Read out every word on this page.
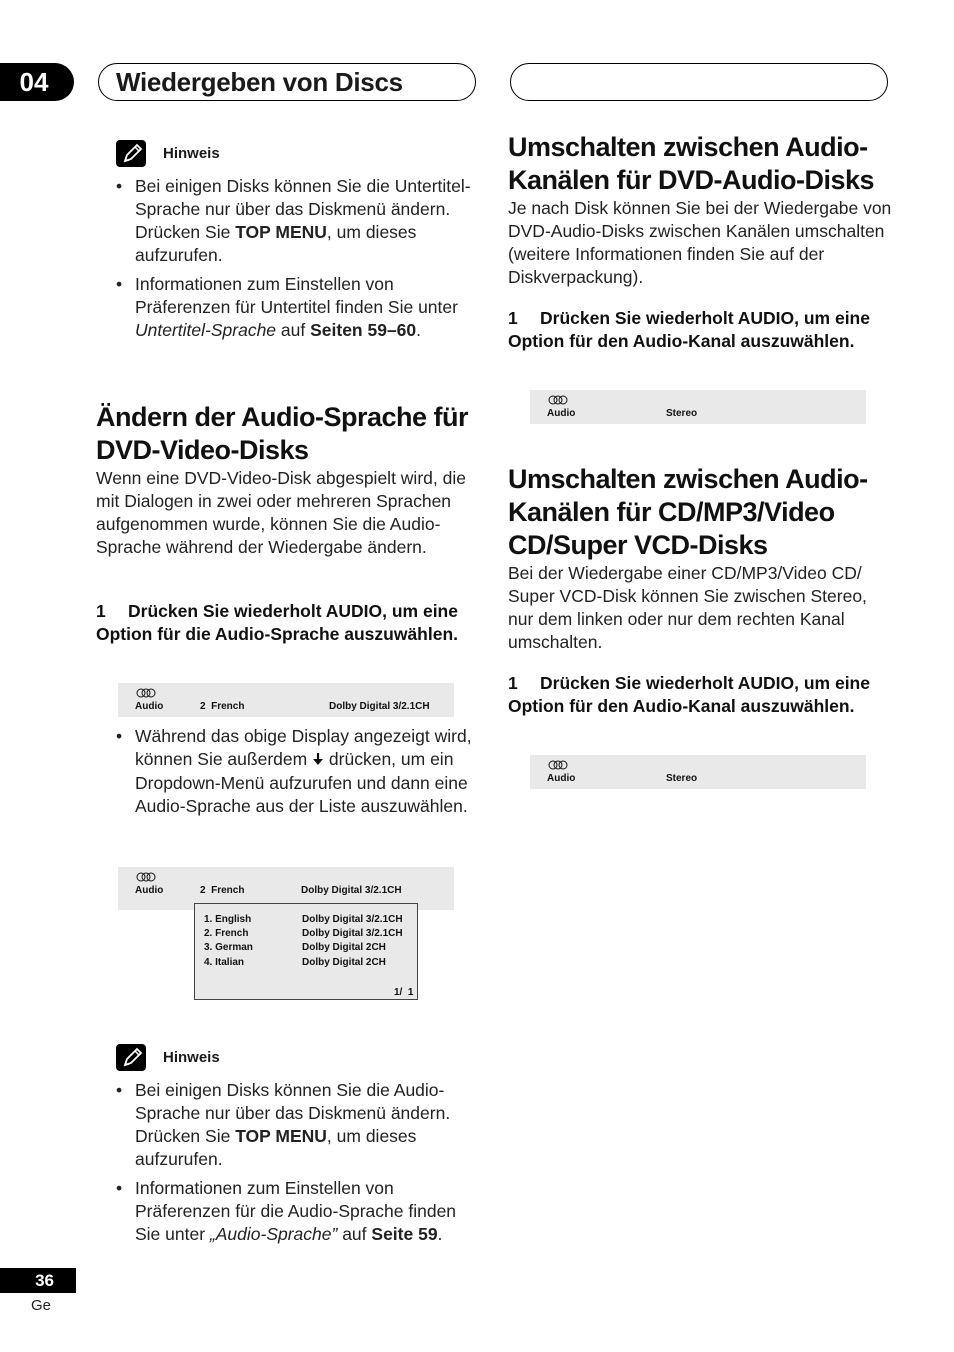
04	Wiedergeben von Discs
Hinweis
• Bei einigen Disks können Sie die Untertitel-Sprache nur über das Diskmenü ändern. Drücken Sie TOP MENU, um dieses aufzurufen.
• Informationen zum Einstellen von Präferenzen für Untertitel finden Sie unter Untertitel-Sprache auf Seiten 59–60.
Ändern der Audio-Sprache für DVD-Video-Disks
Wenn eine DVD-Video-Disk abgespielt wird, die mit Dialogen in zwei oder mehreren Sprachen aufgenommen wurde, können Sie die Audio-Sprache während der Wiedergabe ändern.
1 Drücken Sie wiederholt AUDIO, um eine Option für die Audio-Sprache auszuwählen.
Audio	2  French	Dolby Digital 3/2.1CH
• Während das obige Display angezeigt wird, können Sie außerdem  drücken, um ein Dropdown-Menü aufzurufen und dann eine Audio-Sprache aus der Liste auszuwählen.
Audio	2  French	Dolby Digital 3/2.1CH
1. English	Dolby Digital 3/2.1CH
2. French	Dolby Digital 3/2.1CH
3. German	Dolby Digital 2CH
4. Italian	Dolby Digital 2CH
1/  1
Hinweis
• Bei einigen Disks können Sie die Audio-Sprache nur über das Diskmenü ändern. Drücken Sie TOP MENU, um dieses aufzurufen.
• Informationen zum Einstellen von Präferenzen für die Audio-Sprache finden Sie unter „Audio-Sprache” auf Seite 59.
Umschalten zwischen Audio-Kanälen für DVD-Audio-Disks
Je nach Disk können Sie bei der Wiedergabe von DVD-Audio-Disks zwischen Kanälen umschalten (weitere Informationen finden Sie auf der Diskverpackung).
1 Drücken Sie wiederholt AUDIO, um eine Option für den Audio-Kanal auszuwählen.
Audio	Stereo
Umschalten zwischen Audio-Kanälen für CD/MP3/Video CD/Super VCD-Disks
Bei der Wiedergabe einer CD/MP3/Video CD/ Super VCD-Disk können Sie zwischen Stereo, nur dem linken oder nur dem rechten Kanal umschalten.
1 Drücken Sie wiederholt AUDIO, um eine Option für den Audio-Kanal auszuwählen.
Audio	Stereo
36
Ge
